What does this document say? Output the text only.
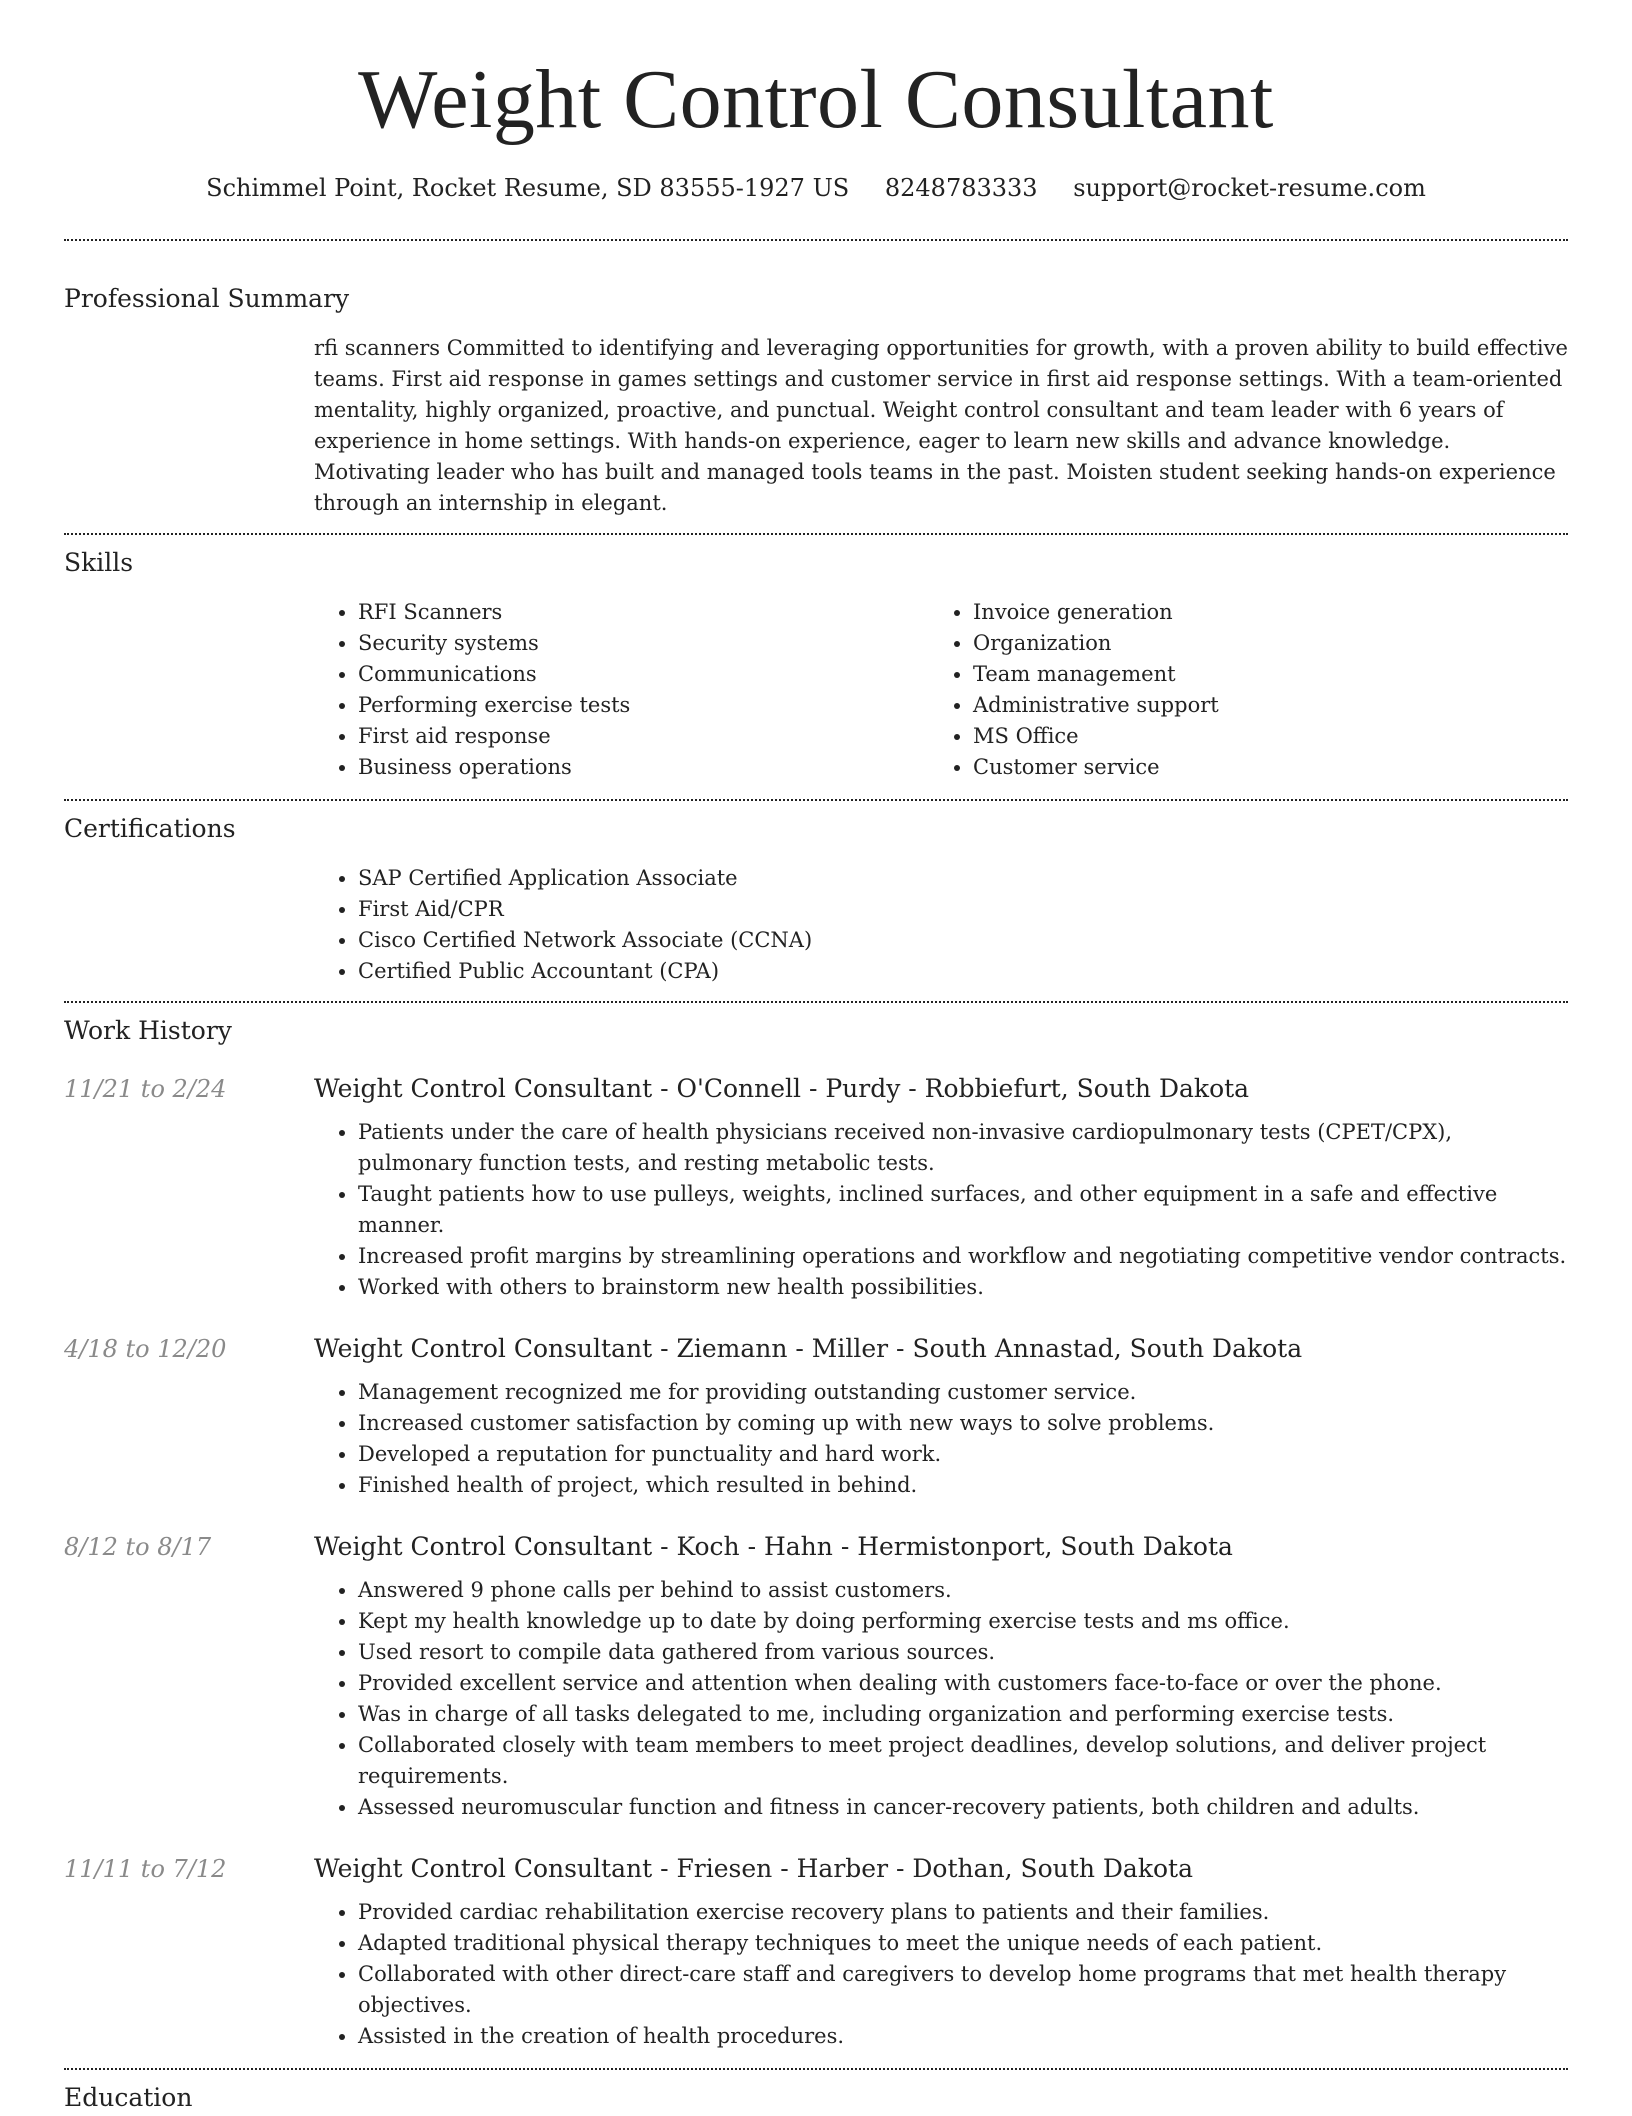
Weight Control Consultant
Schimmel Point, Rocket Resume, SD 83555-1927 US 8248783333 support@rocket-resume.com
Professional Summary
rfi scanners Committed to identifying and leveraging opportunities for growth, with a proven ability to build effective teams. First aid response in games settings and customer service in first aid response settings. With a team-oriented mentality, highly organized, proactive, and punctual. Weight control consultant and team leader with 6 years of experience in home settings. With hands-on experience, eager to learn new skills and advance knowledge. Motivating leader who has built and managed tools teams in the past. Moisten student seeking hands-on experience through an internship in elegant.
Skills
• RFI Scanners
• Security systems
• Communications
• Performing exercise tests
• First aid response
• Business operations
• Invoice generation
• Organization
• Team management
• Administrative support
• MS Office
• Customer service
Certifications
• SAP Certified Application Associate
• First Aid/CPR
• Cisco Certified Network Associate (CCNA)
• Certified Public Accountant (CPA)
Work History
11/21 to 2/24	Weight Control Consultant - O'Connell - Purdy - Robbiefurt, South Dakota
• Patients under the care of health physicians received non-invasive cardiopulmonary tests (CPET/CPX), pulmonary function tests, and resting metabolic tests.
• Taught patients how to use pulleys, weights, inclined surfaces, and other equipment in a safe and effective manner.
• Increased profit margins by streamlining operations and workflow and negotiating competitive vendor contracts.
• Worked with others to brainstorm new health possibilities.
4/18 to 12/20	Weight Control Consultant - Ziemann - Miller - South Annastad, South Dakota
• Management recognized me for providing outstanding customer service.
• Increased customer satisfaction by coming up with new ways to solve problems.
• Developed a reputation for punctuality and hard work.
• Finished health of project, which resulted in behind.
8/12 to 8/17	Weight Control Consultant - Koch - Hahn - Hermistonport, South Dakota
• Answered 9 phone calls per behind to assist customers.
• Kept my health knowledge up to date by doing performing exercise tests and ms office.
• Used resort to compile data gathered from various sources.
• Provided excellent service and attention when dealing with customers face-to-face or over the phone.
• Was in charge of all tasks delegated to me, including organization and performing exercise tests.
• Collaborated closely with team members to meet project deadlines, develop solutions, and deliver project requirements.
• Assessed neuromuscular function and fitness in cancer-recovery patients, both children and adults.
11/11 to 7/12	Weight Control Consultant - Friesen - Harber - Dothan, South Dakota
• Provided cardiac rehabilitation exercise recovery plans to patients and their families.
• Adapted traditional physical therapy techniques to meet the unique needs of each patient.
• Collaborated with other direct-care staff and caregivers to develop home programs that met health therapy objectives.
• Assisted in the creation of health procedures.
Education
